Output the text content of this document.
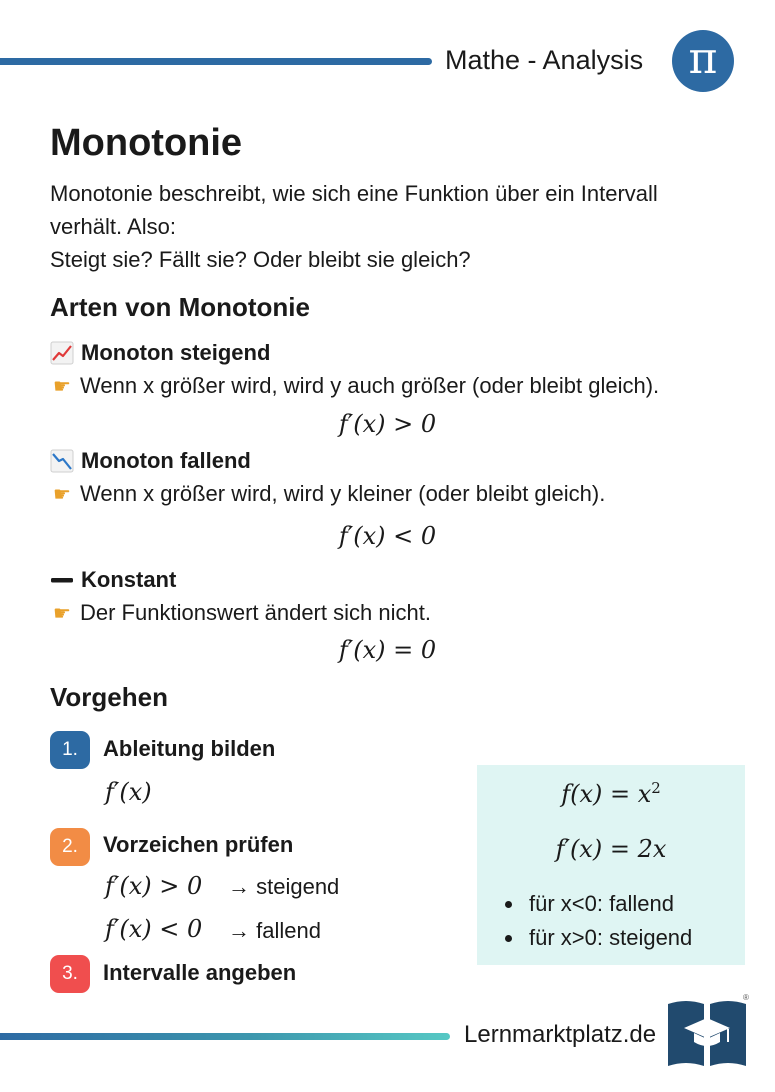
Mathe - Analysis	π
Monotonie
Monotonie beschreibt, wie sich eine Funktion über ein Intervall
verhält. Also:
Steigt sie? Fällt sie? Oder bleibt sie gleich?
Arten von Monotonie
Monoton steigend
☛ Wenn x größer wird, wird y auch größer (oder bleibt gleich).
f′(x) > 0
Monoton fallend
☛ Wenn x größer wird, wird y kleiner (oder bleibt gleich).
f′(x) < 0
Konstant
☛ Der Funktionswert ändert sich nicht.
f′(x) = 0
Vorgehen
1.	Ableitung bilden
f′(x)
2.	Vorzeichen prüfen
f′(x) > 0 → steigend
f′(x) < 0 → fallend
3.	Intervalle angeben
$f(x) = x^2$
f′(x) = 2x
für x<0: fallend
für x>0: steigend
Lernmarktplatz.de
®
